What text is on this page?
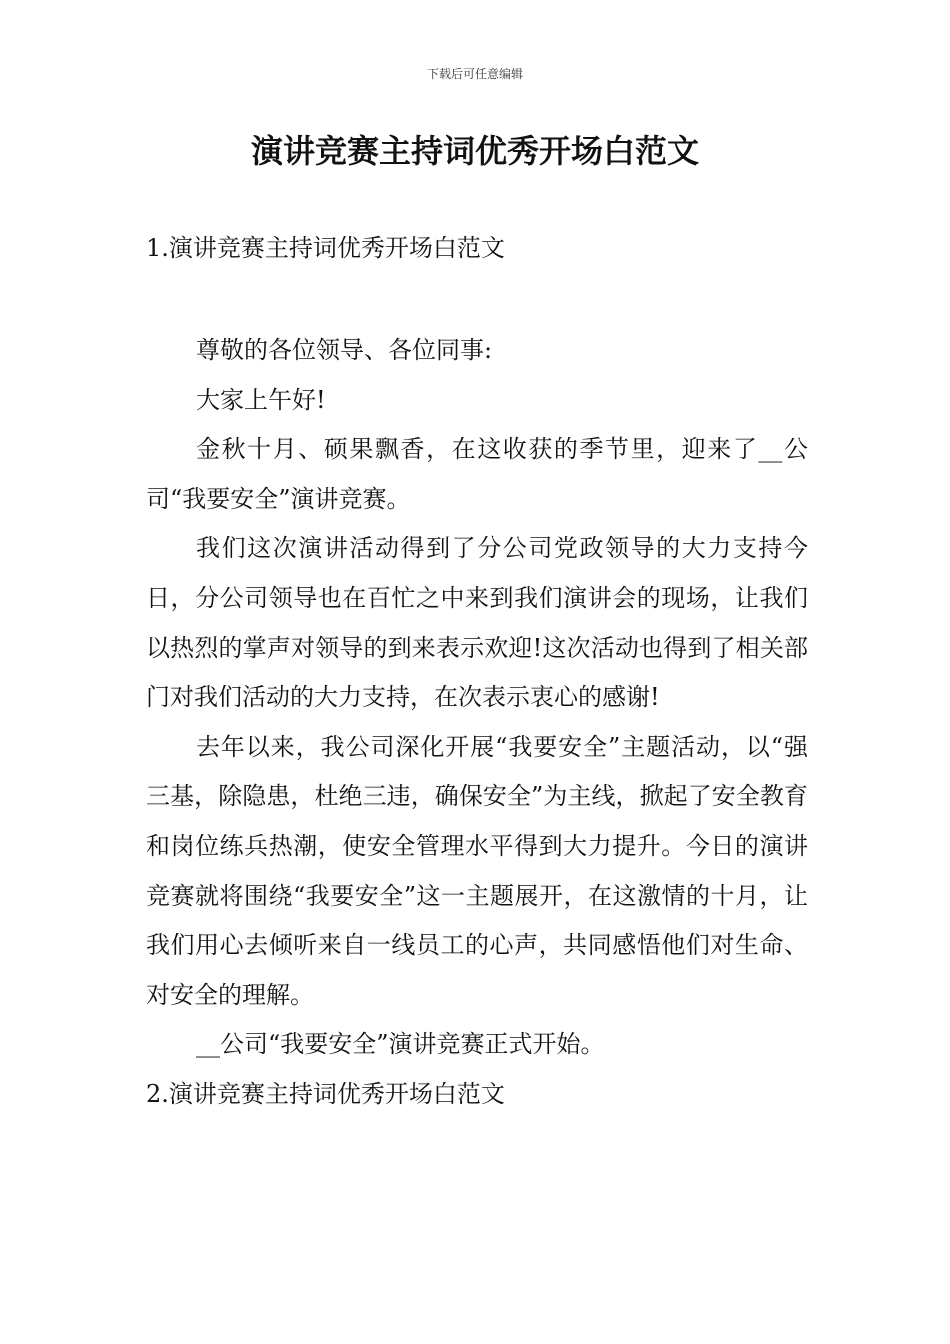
下载后可任意编辑
演讲竞赛主持词优秀开场白范文
1.演讲竞赛主持词优秀开场白范文

尊敬的各位领导、各位同事:

大家上午好!

金秋十月、硕果飘香，在这收获的季节里，迎来了__公司“我要安全”演讲竞赛。

我们这次演讲活动得到了分公司党政领导的大力支持今日，分公司领导也在百忙之中来到我们演讲会的现场，让我们以热烈的掌声对领导的到来表示欢迎!这次活动也得到了相关部门对我们活动的大力支持，在次表示衷心的感谢!

去年以来，我公司深化开展“我要安全”主题活动，以“强三基，除隐患，杜绝三违，确保安全”为主线，掀起了安全教育和岗位练兵热潮，使安全管理水平得到大力提升。今日的演讲竞赛就将围绕“我要安全”这一主题展开，在这激情的十月，让我们用心去倾听来自一线员工的心声，共同感悟他们对生命、对安全的理解。

__公司“我要安全”演讲竞赛正式开始。

2.演讲竞赛主持词优秀开场白范文
